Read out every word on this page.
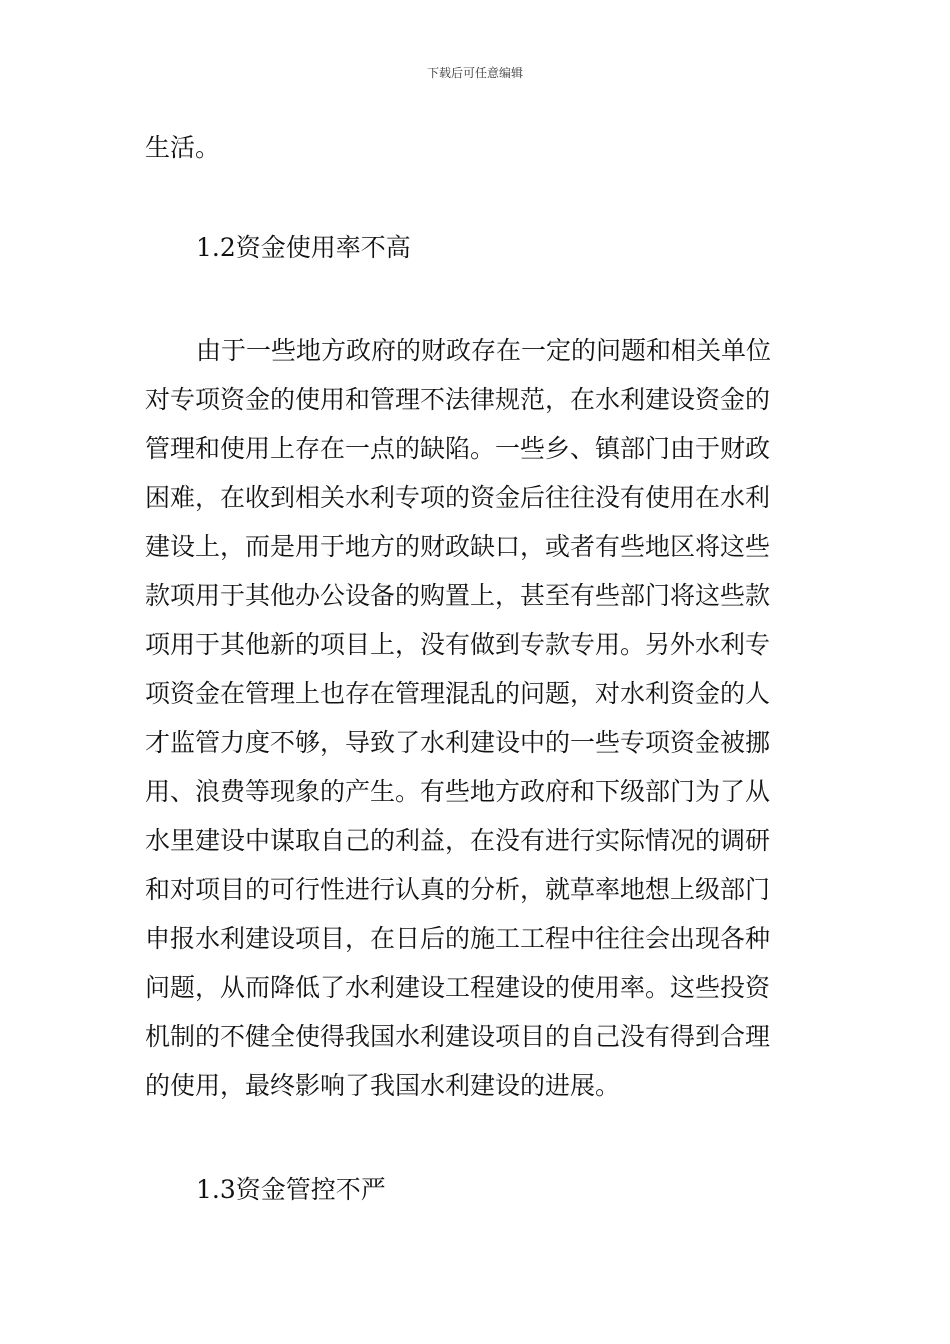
下载后可任意编辑
生活。
1.2资金使用率不高
由于一些地方政府的财政存在一定的问题和相关单位
对专项资金的使用和管理不法律规范，在水利建设资金的
管理和使用上存在一点的缺陷。一些乡、镇部门由于财政
困难，在收到相关水利专项的资金后往往没有使用在水利
建设上，而是用于地方的财政缺口，或者有些地区将这些
款项用于其他办公设备的购置上，甚至有些部门将这些款
项用于其他新的项目上，没有做到专款专用。另外水利专
项资金在管理上也存在管理混乱的问题，对水利资金的人
才监管力度不够，导致了水利建设中的一些专项资金被挪
用、浪费等现象的产生。有些地方政府和下级部门为了从
水里建设中谋取自己的利益，在没有进行实际情况的调研
和对项目的可行性进行认真的分析，就草率地想上级部门
申报水利建设项目，在日后的施工工程中往往会出现各种
问题，从而降低了水利建设工程建设的使用率。这些投资
机制的不健全使得我国水利建设项目的自己没有得到合理
的使用，最终影响了我国水利建设的进展。
1.3资金管控不严
